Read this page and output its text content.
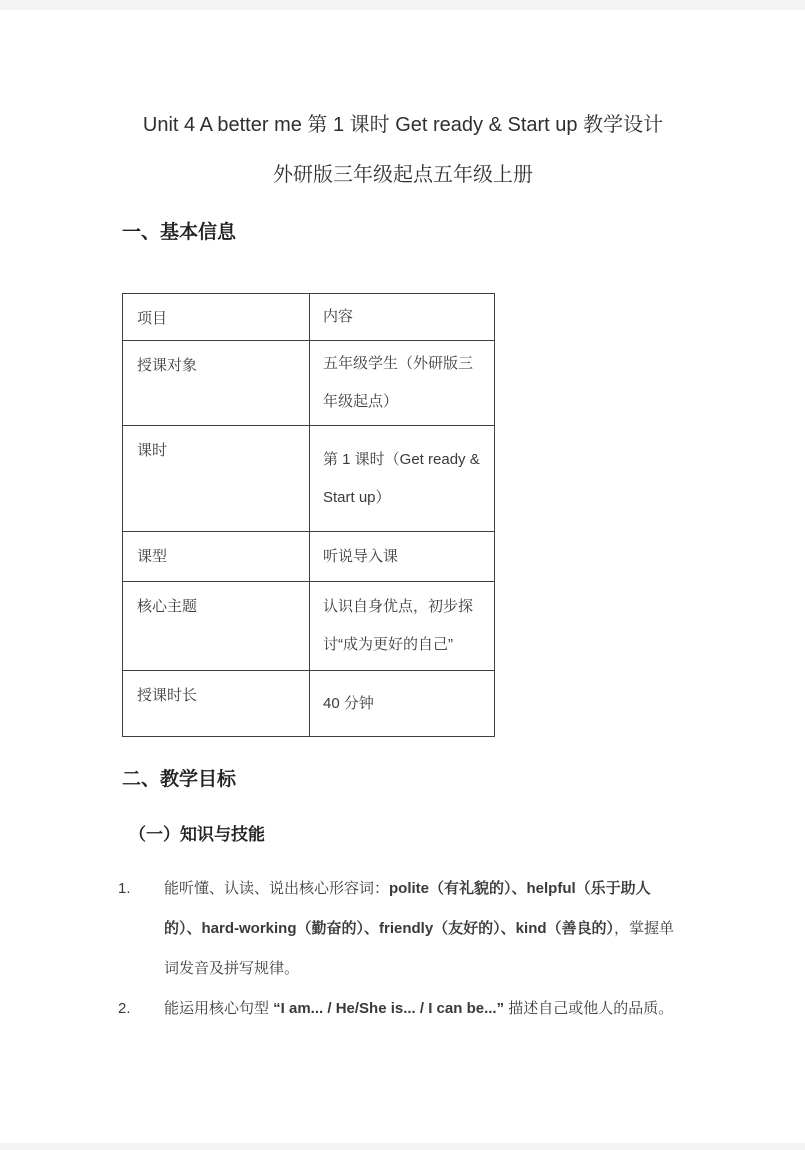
Unit 4 A better me 第 1 课时 Get ready & Start up 教学设计
外研版三年级起点五年级上册
一、基本信息
项目	内容
授课对象	五年级学生（外研版三年级起点）
课时	第 1 课时（Get ready & Start up）
课型	听说导入课
核心主题	认识自身优点，初步探讨“成为更好的自己”
授课时长	40 分钟
二、教学目标
（一）知识与技能
1.	能听懂、认读、说出核心形容词：polite（有礼貌的）、helpful（乐于助人的）、hard-working（勤奋的）、friendly（友好的）、kind（善良的），掌握单词发音及拼写规律。
2.	能运用核心句型 “I am... / He/She is... / I can be...” 描述自己或他人的品质。
